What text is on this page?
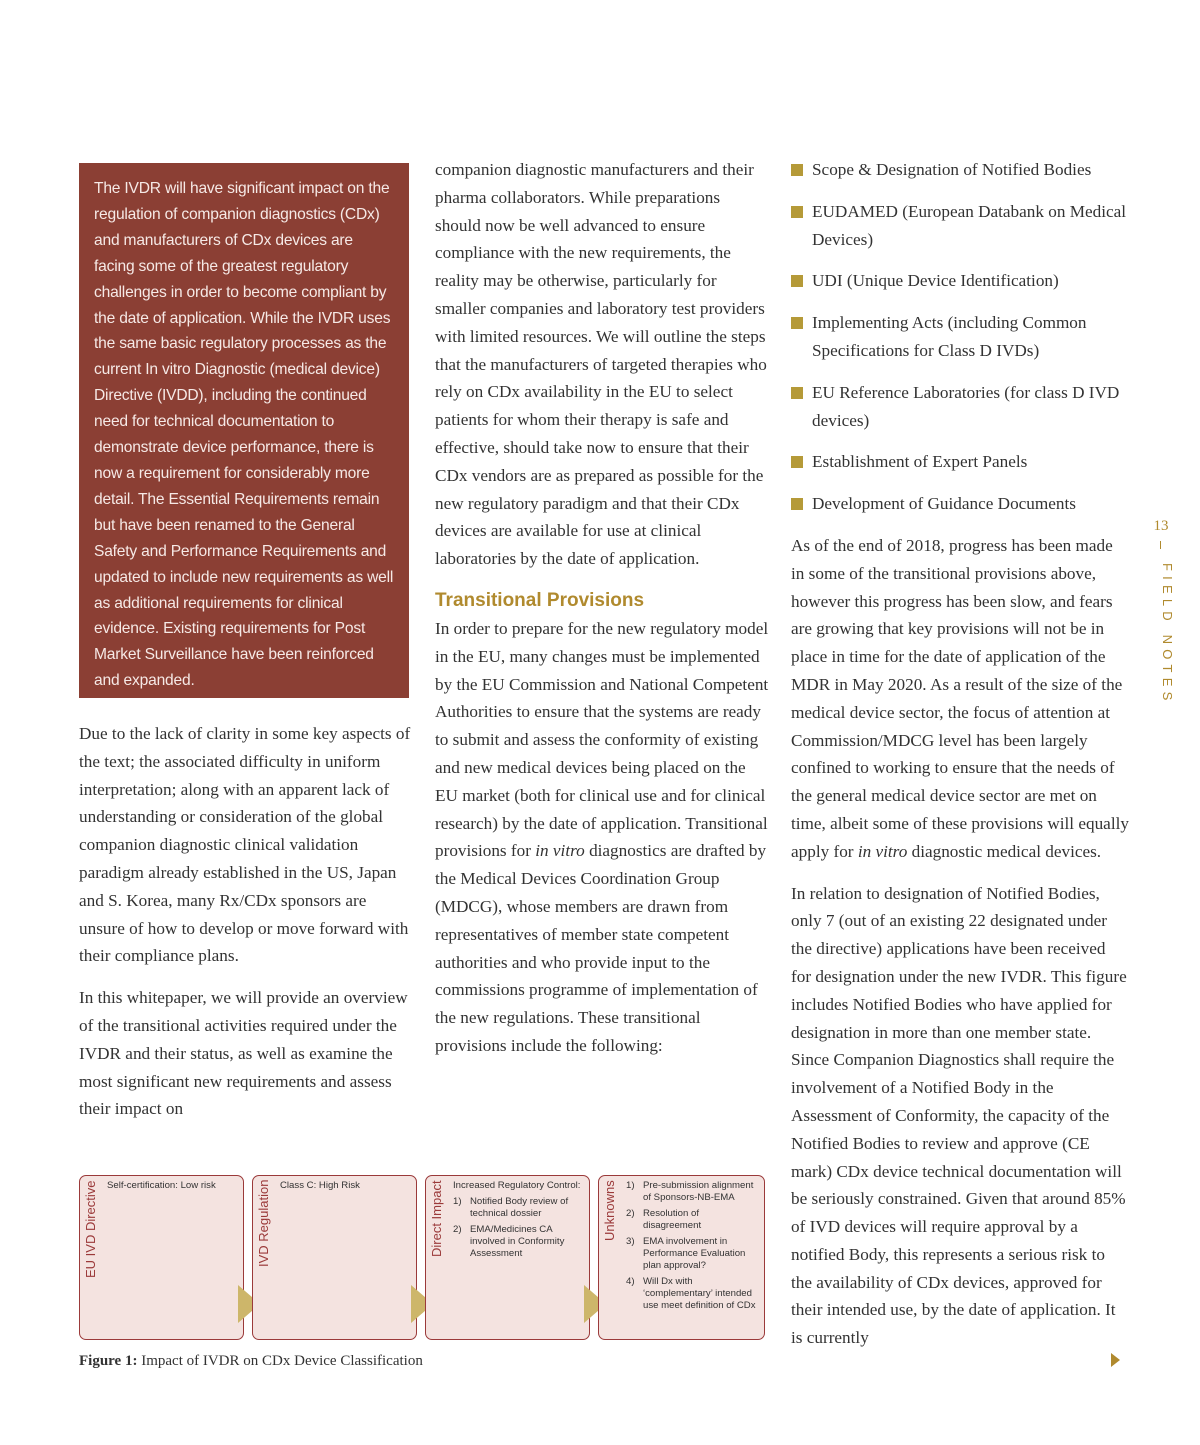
The IVDR will have significant impact on the regulation of companion diagnostics (CDx) and manufacturers of CDx devices are facing some of the greatest regulatory challenges in order to become compliant by the date of application. While the IVDR uses the same basic regulatory processes as the current In vitro Diagnostic (medical device) Directive (IVDD), including the continued need for technical documentation to demonstrate device performance, there is now a requirement for considerably more detail. The Essential Requirements remain but have been renamed to the General Safety and Performance Requirements and updated to include new requirements as well as additional requirements for clinical evidence. Existing requirements for Post Market Surveillance have been reinforced and expanded.

Due to the lack of clarity in some key aspects of the text; the associated difficulty in uniform interpretation; along with an apparent lack of understanding or consideration of the global companion diagnostic clinical validation paradigm already established in the US, Japan and S. Korea, many Rx/CDx sponsors are unsure of how to develop or move forward with their compliance plans.

In this whitepaper, we will provide an overview of the transitional activities required under the IVDR and their status, as well as examine the most significant new requirements and assess their impact on

companion diagnostic manufacturers and their pharma collaborators. While preparations should now be well advanced to ensure compliance with the new requirements, the reality may be otherwise, particularly for smaller companies and laboratory test providers with limited resources. We will outline the steps that the manufacturers of targeted therapies who rely on CDx availability in the EU to select patients for whom their therapy is safe and effective, should take now to ensure that their CDx vendors are as prepared as possible for the new regulatory paradigm and that their CDx devices are available for use at clinical laboratories by the date of application.

Transitional Provisions

In order to prepare for the new regulatory model in the EU, many changes must be implemented by the EU Commission and National Competent Authorities to ensure that the systems are ready to submit and assess the conformity of existing and new medical devices being placed on the EU market (both for clinical use and for clinical research) by the date of application. Transitional provisions for in vitro diagnostics are drafted by the Medical Devices Coordination Group (MDCG), whose members are drawn from representatives of member state competent authorities and who provide input to the commissions programme of implementation of the new regulations. These transitional provisions include the following:

Scope & Designation of Notified Bodies
EUDAMED (European Databank on Medical Devices)
UDI (Unique Device Identification)
Implementing Acts (including Common Specifications for Class D IVDs)
EU Reference Laboratories (for class D IVD devices)
Establishment of Expert Panels
Development of Guidance Documents

As of the end of 2018, progress has been made in some of the transitional provisions above, however this progress has been slow, and fears are growing that key provisions will not be in place in time for the date of application of the MDR in May 2020. As a result of the size of the medical device sector, the focus of attention at Commission/MDCG level has been largely confined to working to ensure that the needs of the general medical device sector are met on time, albeit some of these provisions will equally apply for in vitro diagnostic medical devices.

In relation to designation of Notified Bodies, only 7 (out of an existing 22 designated under the directive) applications have been received for designation under the new IVDR. This figure includes Notified Bodies who have applied for designation in more than one member state. Since Companion Diagnostics shall require the involvement of a Notified Body in the Assessment of Conformity, the capacity of the Notified Bodies to review and approve (CE mark) CDx device technical documentation will be seriously constrained. Given that around 85% of IVD devices will require approval by a notified Body, this represents a serious risk to the availability of CDx devices, approved for their intended use, by the date of application. It is currently

13
FIELD NOTES
EU IVD Directive Self-certification: Low risk	IVD Regulation Class C: High Risk	Direct Impact Increased Regulatory Control:
1) Notified Body review of technical dossier
2) EMA/Medicines CA involved in Conformity Assessment
Unknowns 1) Pre-submission alignment of Sponsors-NB-EMA
2) Resolution of disagreement
3) EMA involvement in Performance Evaluation plan approval?
4) Will Dx with ‘complementary’ intended use meet definition of CDx
Figure 1: Impact of IVDR on CDx Device Classification
